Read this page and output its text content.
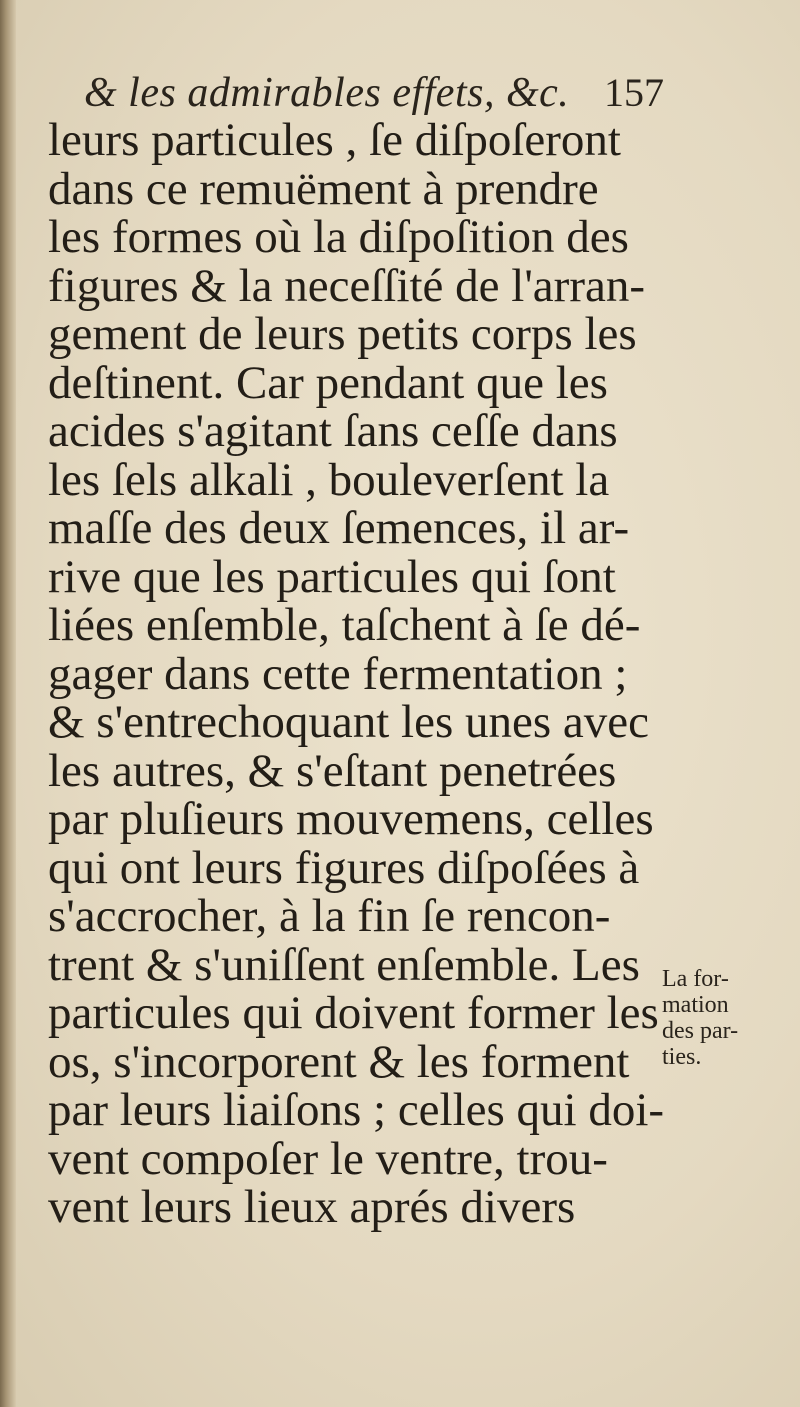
& les admirables effets, &c. 157
leurs particules , ſe diſpoſeront
dans ce remuëment à prendre
les formes où la diſpoſition des
figures & la neceſſité de l'arran-
gement de leurs petits corps les
deſtinent. Car pendant que les
acides s'agitant ſans ceſſe dans
les ſels alkali , bouleverſent la
maſſe des deux ſemences, il ar-
rive que les particules qui ſont
liées enſemble, taſchent à ſe dé-
gager dans cette fermentation ;
& s'entrechoquant les unes avec
les autres, & s'eſtant penetrées
par pluſieurs mouvemens, celles
qui ont leurs figures diſpoſées à
s'accrocher, à la fin ſe rencon-
trent & s'uniſſent enſemble. Les
particules qui doivent former les
os, s'incorporent & les forment
par leurs liaiſons ; celles qui doi-
vent compoſer le ventre, trou-
vent leurs lieux aprés divers
La for-
mation
des par-
ties.
